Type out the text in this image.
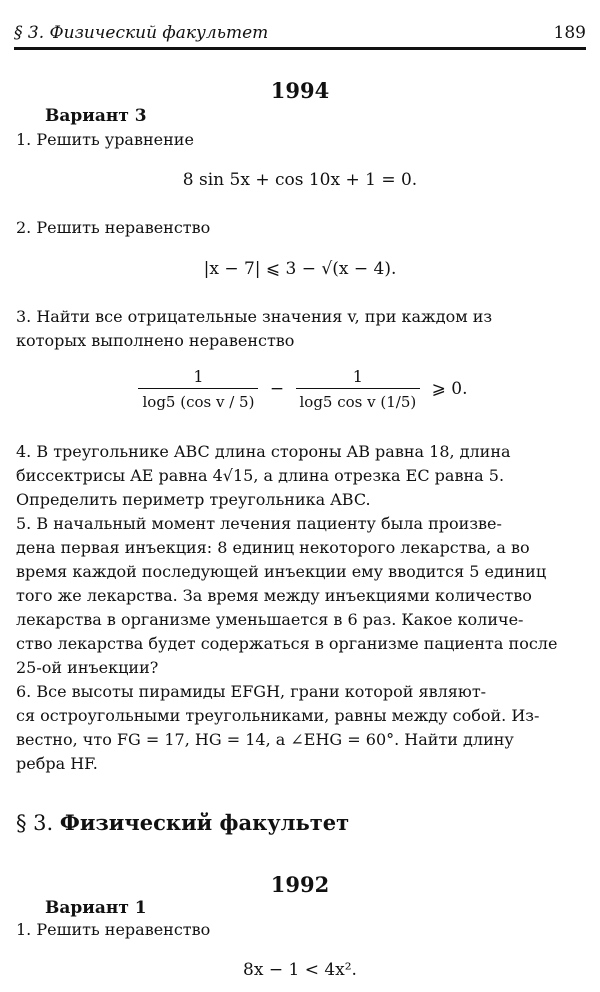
§ 3. Физический факультет	189
1994
Вариант 3
1. Решить уравнение
8 sin 5x + cos 10x + 1 = 0.
2. Решить неравенство
|x − 7| ⩽ 3 − √(x − 4).
3. Найти все отрицательные значения v, при каждом из
которых выполнено неравенство
$\frac{1}{\text{log5 (cos v / 5)}} - \frac{1}{\text{log5 cos v (1/5)}}$ ⩾ 0.
4. В треугольнике ABC длина стороны AB равна 18, длина
биссектрисы AE равна 4√15, а длина отрезка EC равна 5.
Определить периметр треугольника ABC.
5. В начальный момент лечения пациенту была произве-
дена первая инъекция: 8 единиц некоторого лекарства, а во
время каждой последующей инъекции ему вводится 5 единиц
того же лекарства. За время между инъекциями количество
лекарства в организме уменьшается в 6 раз. Какое количе-
ство лекарства будет содержаться в организме пациента после
25-ой инъекции?
6. Все высоты пирамиды EFGH, грани которой являют-
ся остроугольными треугольниками, равны между собой. Из-
вестно, что FG = 17, HG = 14, а ∠EHG = 60°. Найти длину
ребра HF.
§ 3. Физический факультет
1992
Вариант 1
1. Решить неравенство
8x − 1 < 4x².
